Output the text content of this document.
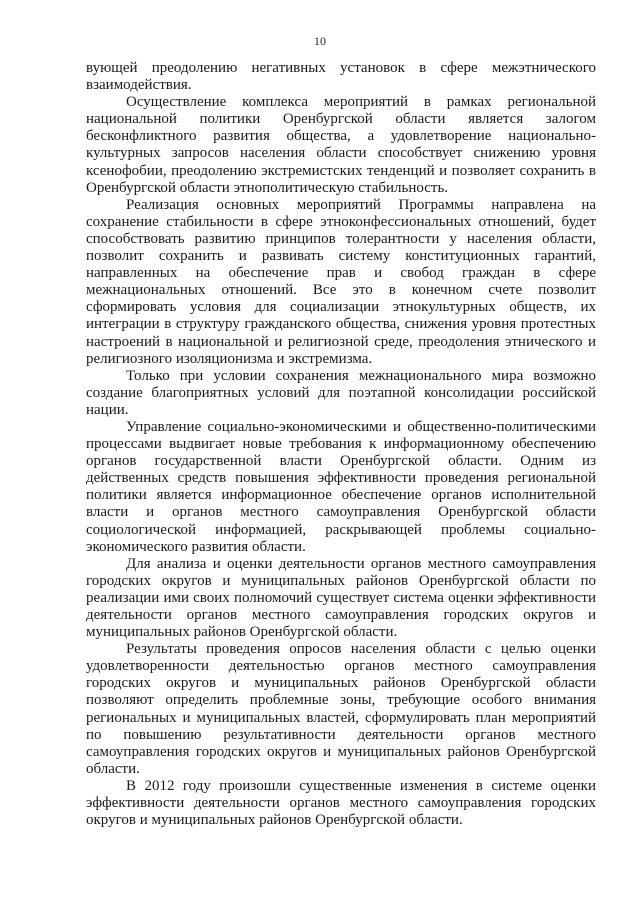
10

вующей преодолению негативных установок в сфере межэтнического взаимодействия.

Осуществление комплекса мероприятий в рамках региональной национальной политики Оренбургской области является залогом бесконфликтного развития общества, а удовлетворение национально-культурных запросов населения области способствует снижению уровня ксенофобии, преодолению экстремистских тенденций и позволяет сохранить в Оренбургской области этнополитическую стабильность.

Реализация основных мероприятий Программы направлена на сохранение стабильности в сфере этноконфессиональных отношений, будет способствовать развитию принципов толерантности у населения области, позволит сохранить и развивать систему конституционных гарантий, направленных на обеспечение прав и свобод граждан в сфере межнациональных отношений. Все это в конечном счете позволит сформировать условия для социализации этнокультурных обществ, их интеграции в структуру гражданского общества, снижения уровня протестных настроений в национальной и религиозной среде, преодоления этнического и религиозного изоляционизма и экстремизма.

Только при условии сохранения межнационального мира возможно создание благоприятных условий для поэтапной консолидации российской нации.

Управление социально-экономическими и общественно-политическими процессами выдвигает новые требования к информационному обеспечению органов государственной власти Оренбургской области. Одним из действенных средств повышения эффективности проведения региональной политики является информационное обеспечение органов исполнительной власти и органов местного самоуправления Оренбургской области социологической информацией, раскрывающей проблемы социально-экономического развития области.

Для анализа и оценки деятельности органов местного самоуправления городских округов и муниципальных районов Оренбургской области по реализации ими своих полномочий существует система оценки эффективности деятельности органов местного самоуправления городских округов и муниципальных районов Оренбургской области.

Результаты проведения опросов населения области с целью оценки удовлетворенности деятельностью органов местного самоуправления городских округов и муниципальных районов Оренбургской области позволяют определить проблемные зоны, требующие особого внимания региональных и муниципальных властей, сформулировать план мероприятий по повышению результативности деятельности органов местного самоуправления городских округов и муниципальных районов Оренбургской области.

В 2012 году произошли существенные изменения в системе оценки эффективности деятельности органов местного самоуправления городских округов и муниципальных районов Оренбургской области.
